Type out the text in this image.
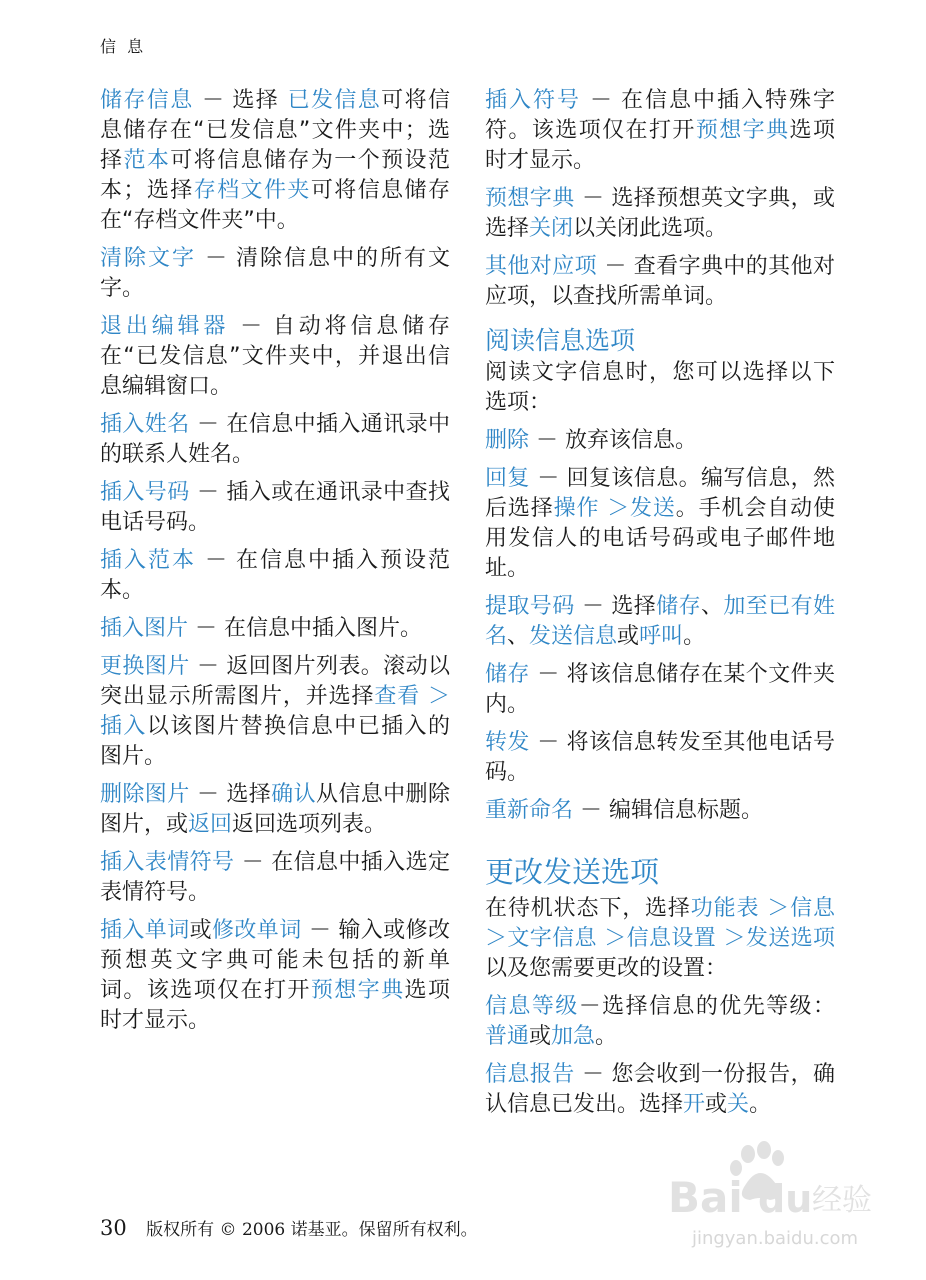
信 息

储存信息 － 选择 已发信息可将信息储存在“已发信息”文件夹中；选择范本可将信息储存为一个预设范本；选择存档文件夹可将信息储存在“存档文件夹”中。

清除文字 － 清除信息中的所有文字。

退出编辑器 － 自动将信息储存在“已发信息”文件夹中，并退出信息编辑窗口。

插入姓名 － 在信息中插入通讯录中的联系人姓名。

插入号码 － 插入或在通讯录中查找电话号码。

插入范本 － 在信息中插入预设范本。

插入图片 － 在信息中插入图片。

更换图片 － 返回图片列表。滚动以突出显示所需图片，并选择查看 ＞插入以该图片替换信息中已插入的图片。

删除图片 － 选择确认从信息中删除图片，或返回返回选项列表。

插入表情符号 － 在信息中插入选定表情符号。

插入单词或修改单词 － 输入或修改预想英文字典可能未包括的新单词。该选项仅在打开预想字典选项时才显示。

插入符号 － 在信息中插入特殊字符。该选项仅在打开预想字典选项时才显示。

预想字典 － 选择预想英文字典，或选择关闭以关闭此选项。

其他对应项 － 查看字典中的其他对应项，以查找所需单词。

阅读信息选项

阅读文字信息时，您可以选择以下选项：

删除 － 放弃该信息。

回复 － 回复该信息。编写信息，然后选择操作 ＞发送。手机会自动使用发信人的电话号码或电子邮件地址。

提取号码 － 选择储存、加至已有姓名、发送信息或呼叫。

储存 － 将该信息储存在某个文件夹内。

转发 － 将该信息转发至其他电话号码。

重新命名 － 编辑信息标题。

更改发送选项

在待机状态下，选择功能表 ＞信息 ＞文字信息 ＞信息设置 ＞发送选项以及您需要更改的设置：

信息等级－选择信息的优先等级：普通或加急。

信息报告 － 您会收到一份报告，确认信息已发出。选择开或关。

30 版权所有 © 2006 诺基亚。保留所有权利。
Bai du 经验
jingyan.baidu.com
